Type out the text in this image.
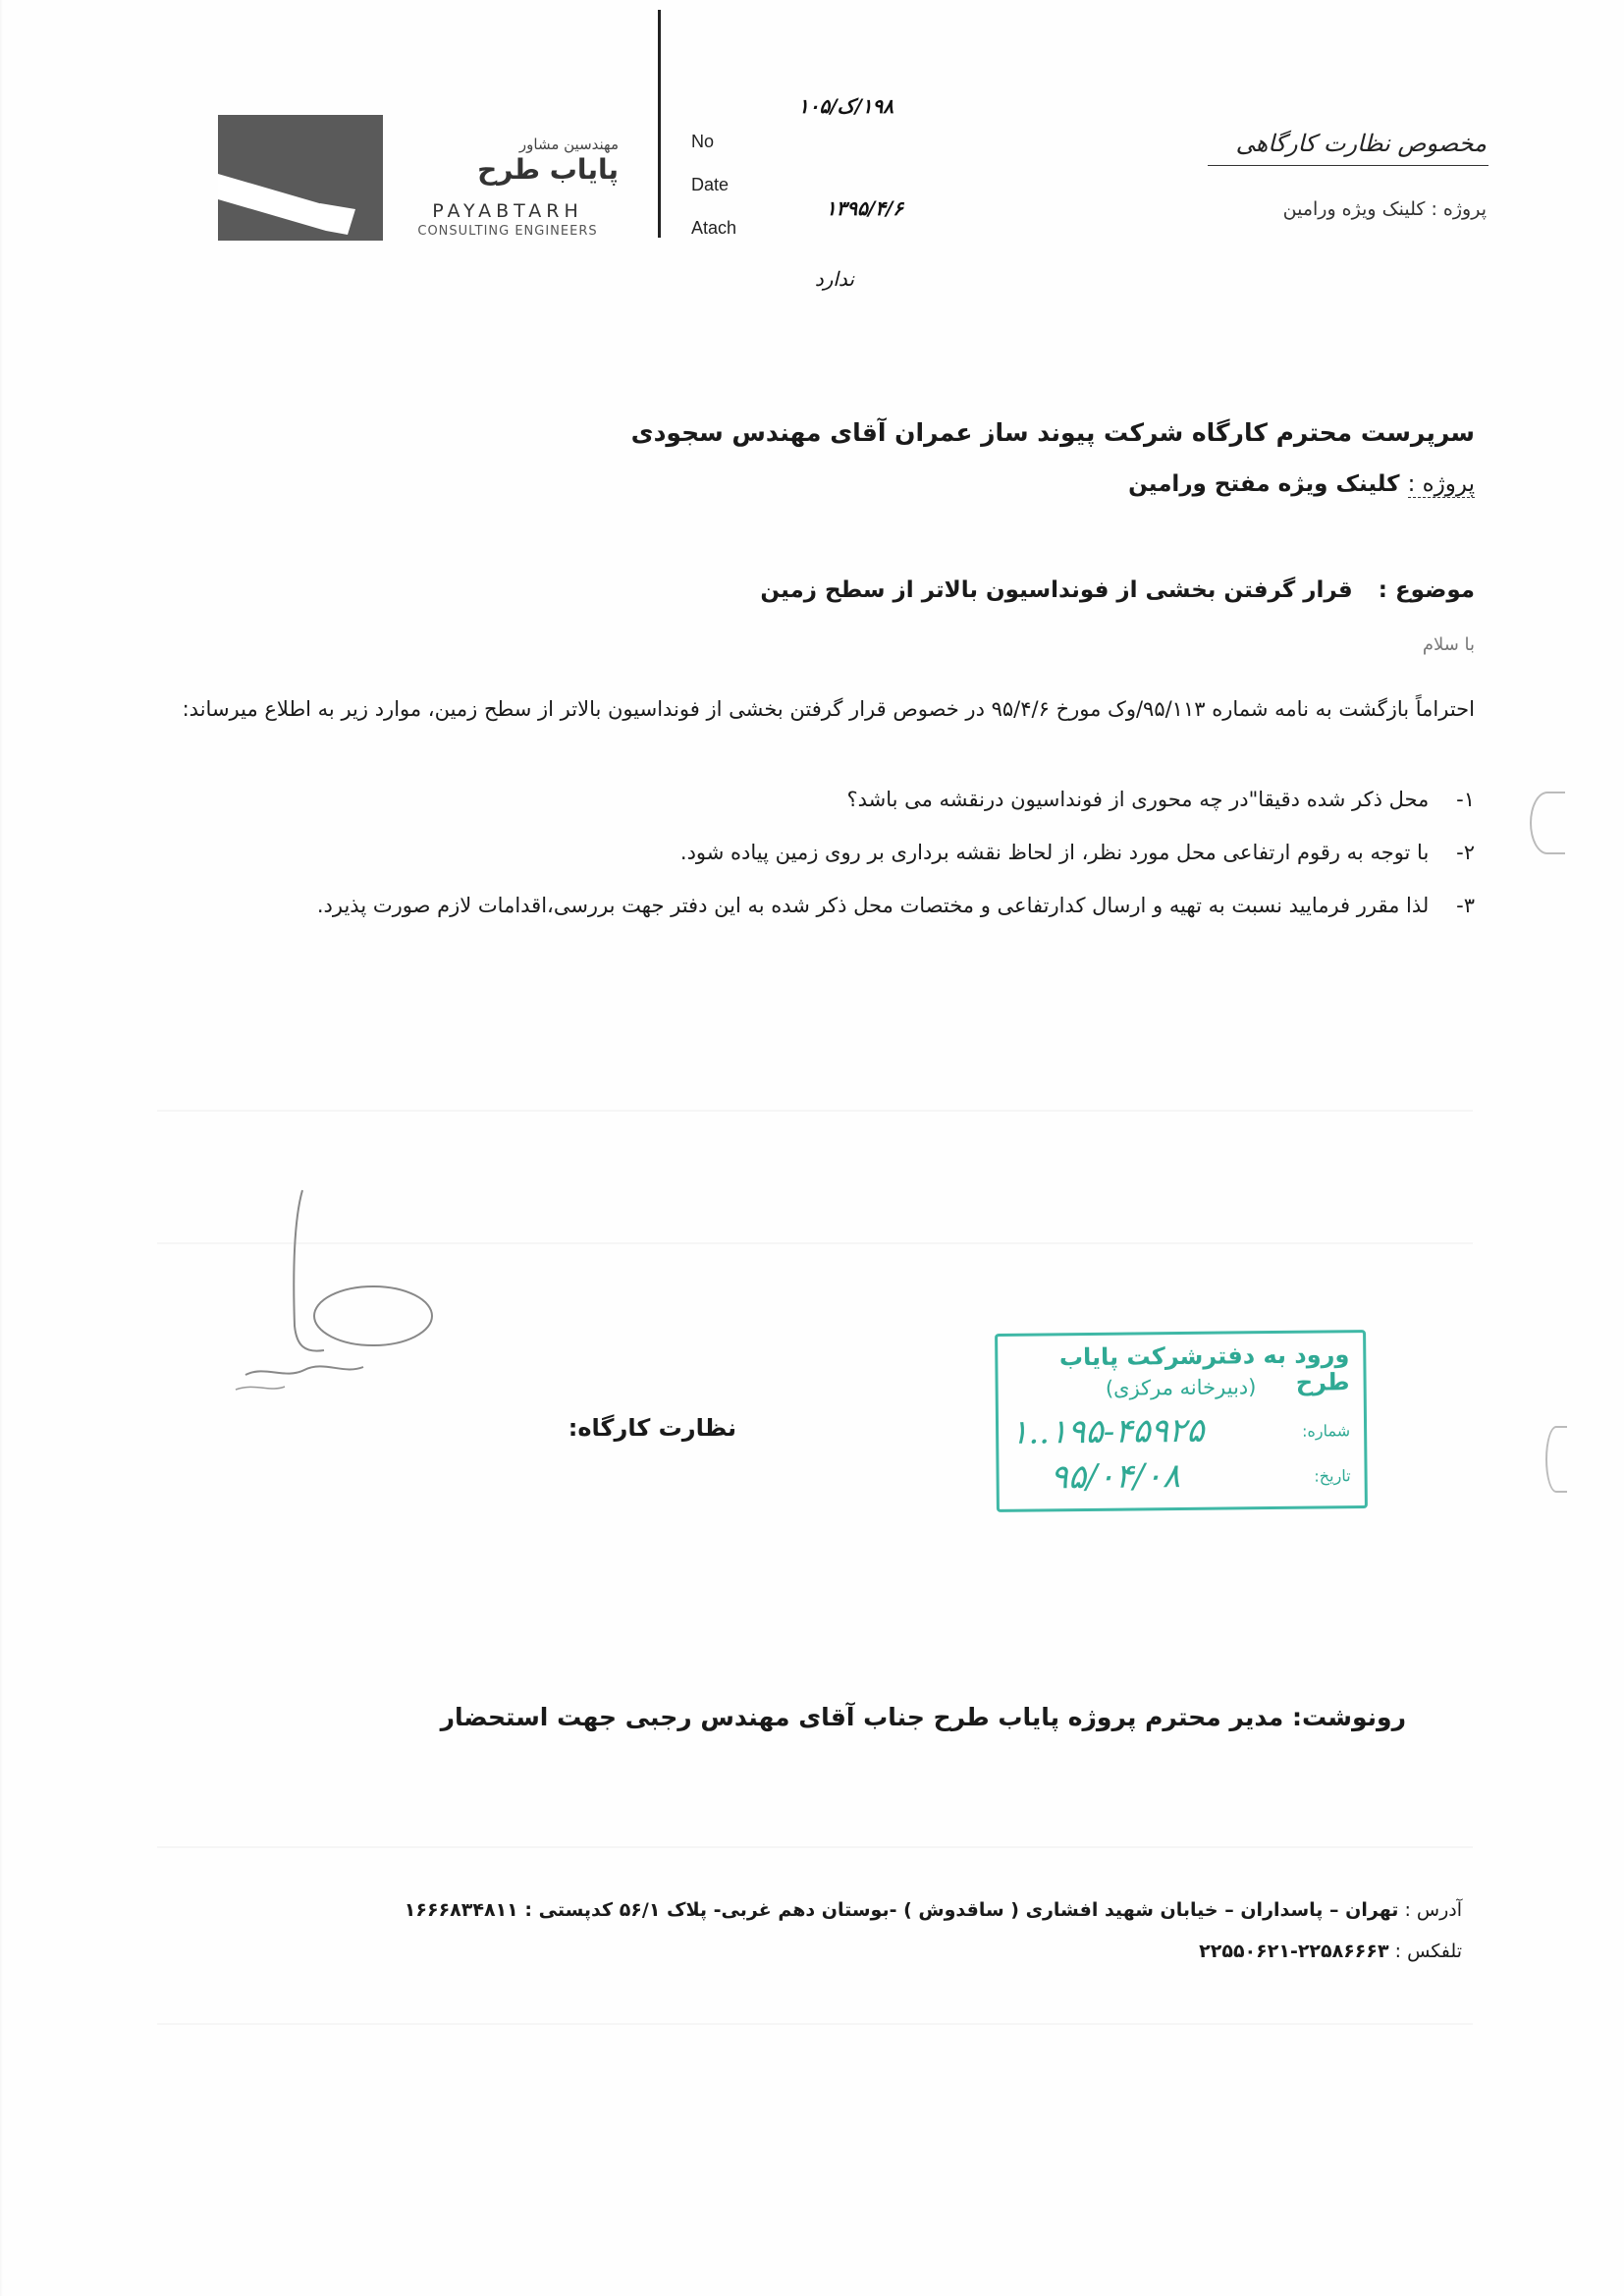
مهندسین مشاور
پایاب طرح
PAYABTARH
CONSULTING ENGINEERS
No
۱۹۸/ک/۱۰۵
Date
۱۳۹۵/۴/۶
Atach
ندارد
مخصوص نظارت کارگاهی
پروژه : کلینک ویژه ورامین
سرپرست محترم کارگاه شرکت پیوند ساز عمران آقای مهندس سجودی
پروژه : کلینک ویژه مفتح ورامین
موضوع : قرار گرفتن بخشی از فونداسیون بالاتر از سطح زمین
با سلام
احتراماً بازگشت به نامه شماره ۹۵/۱۱۳/وک مورخ ۹۵/۴/۶ در خصوص قرار گرفتن بخشی از فونداسیون بالاتر از سطح زمین، موارد زیر به اطلاع میرساند:
۱- محل ذکر شده دقیقا"در چه محوری از فونداسیون درنقشه می باشد؟
۲- با توجه به رقوم ارتفاعی محل مورد نظر، از لحاظ نقشه برداری بر روی زمین پیاده شود.
۳- لذا مقرر فرمایید نسبت به تهیه و ارسال کدارتفاعی و مختصات محل ذکر شده به این دفتر جهت بررسی،اقدامات لازم صورت پذیرد.
نظارت کارگاه:
ورود به دفترشرکت پایاب طرح
(دبیرخانه مرکزی)
شماره:
۱..۱۹۵-۴۵۹۲۵
تاریخ:
۹۵/۰۴/۰۸
رونوشت: مدیر محترم پروژه پایاب طرح جناب آقای مهندس رجبی جهت استحضار
آدرس : تهران – پاسداران – خیابان شهید افشاری ( ساقدوش ) -بوستان دهم غربی- پلاک ۵۶/۱ کدپستی : ۱۶۶۶۸۳۴۸۱۱
تلفکس : ۲۲۵۸۶۶۶۳-۲۲۵۵۰۶۲۱
